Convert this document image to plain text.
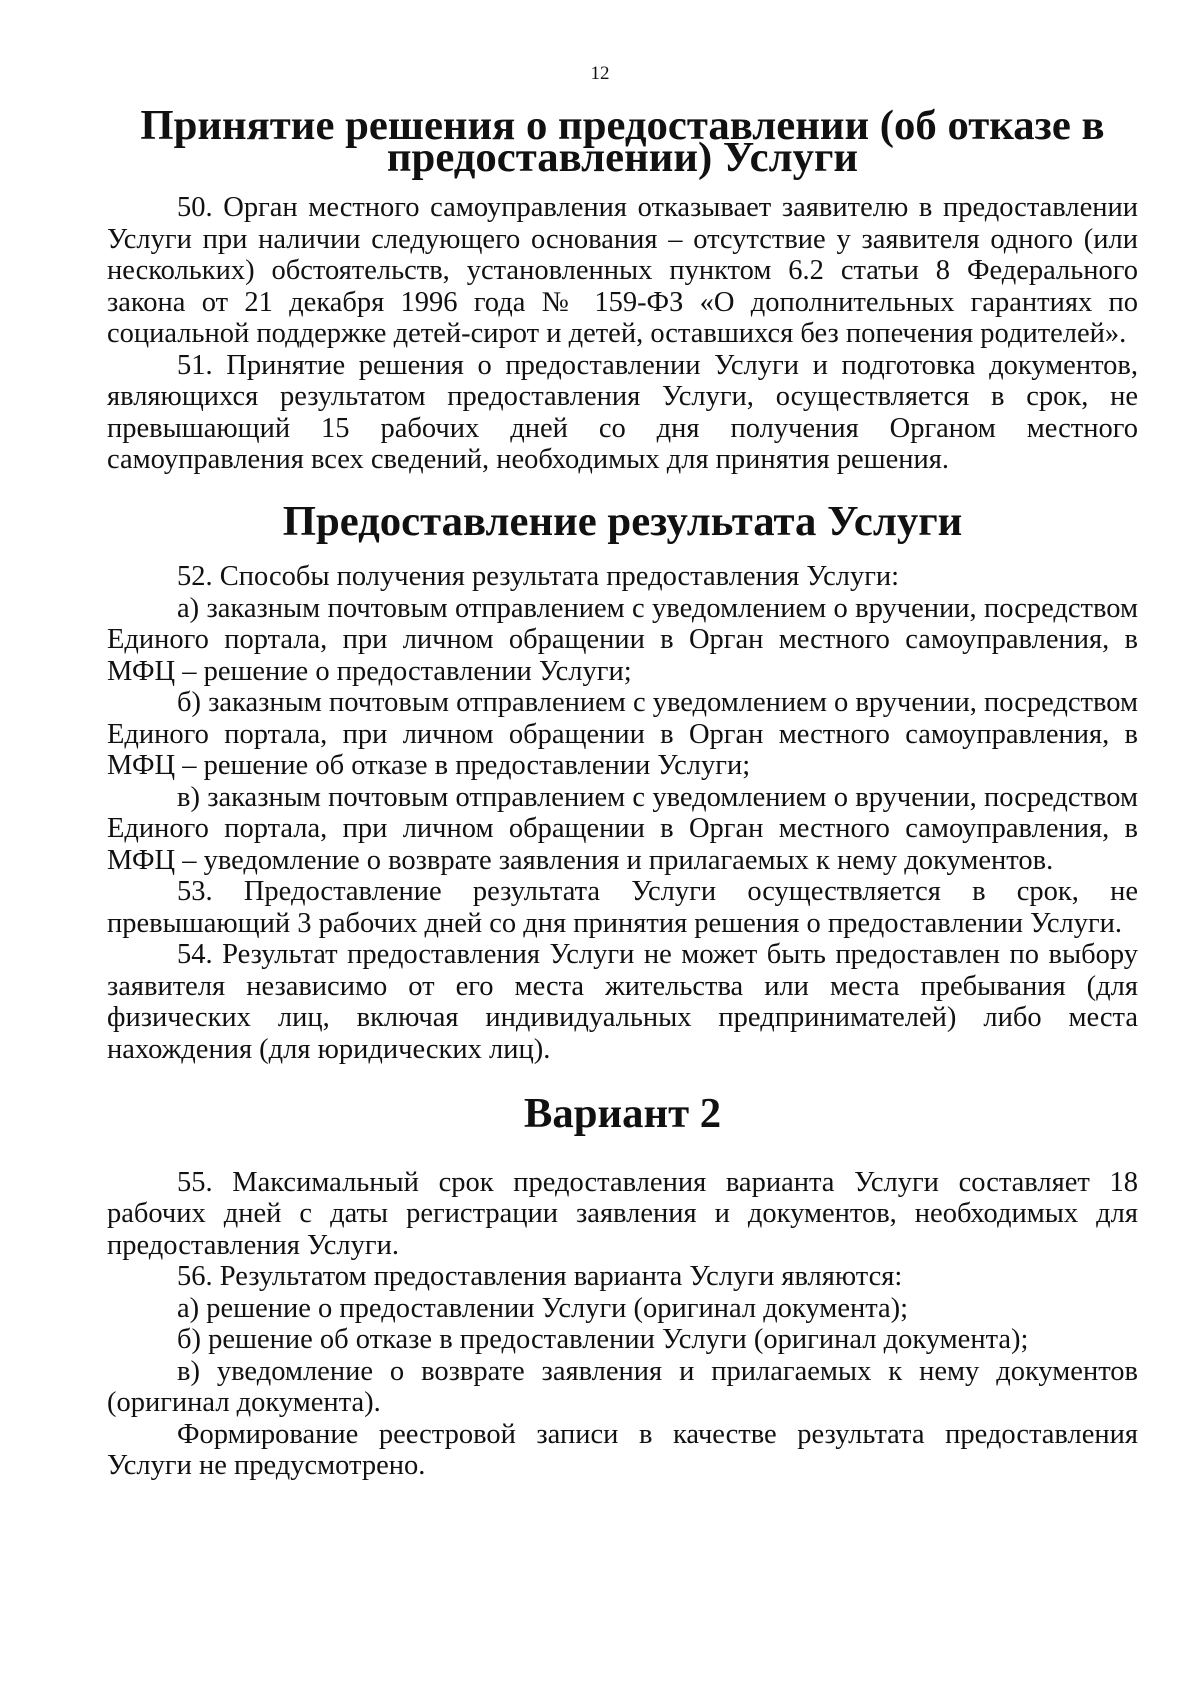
12
Принятие решения о предоставлении (об отказе в предоставлении) Услуги

50. Орган местного самоуправления отказывает заявителю в предоставлении Услуги при наличии следующего основания – отсутствие у заявителя одного (или нескольких) обстоятельств, установленных пунктом 6.2 статьи 8 Федерального закона от 21 декабря 1996 года № 159-ФЗ «О дополнительных гарантиях по социальной поддержке детей-сирот и детей, оставшихся без попечения родителей».

51. Принятие решения о предоставлении Услуги и подготовка документов, являющихся результатом предоставления Услуги, осуществляется в срок, не превышающий 15 рабочих дней со дня получения Органом местного самоуправления всех сведений, необходимых для принятия решения.

Предоставление результата Услуги

52. Способы получения результата предоставления Услуги:

а) заказным почтовым отправлением с уведомлением о вручении, посредством Единого портала, при личном обращении в Орган местного самоуправления, в МФЦ – решение о предоставлении Услуги;

б) заказным почтовым отправлением с уведомлением о вручении, посредством Единого портала, при личном обращении в Орган местного самоуправления, в МФЦ – решение об отказе в предоставлении Услуги;

в) заказным почтовым отправлением с уведомлением о вручении, посредством Единого портала, при личном обращении в Орган местного самоуправления, в МФЦ – уведомление о возврате заявления и прилагаемых к нему документов.

53. Предоставление результата Услуги осуществляется в срок, не превышающий 3 рабочих дней со дня принятия решения о предоставлении Услуги.

54. Результат предоставления Услуги не может быть предоставлен по выбору заявителя независимо от его места жительства или места пребывания (для физических лиц, включая индивидуальных предпринимателей) либо места нахождения (для юридических лиц).

Вариант 2

55. Максимальный срок предоставления варианта Услуги составляет 18 рабочих дней с даты регистрации заявления и документов, необходимых для предоставления Услуги.

56. Результатом предоставления варианта Услуги являются:

а) решение о предоставлении Услуги (оригинал документа);

б) решение об отказе в предоставлении Услуги (оригинал документа);

в) уведомление о возврате заявления и прилагаемых к нему документов (оригинал документа).

Формирование реестровой записи в качестве результата предоставления Услуги не предусмотрено.
